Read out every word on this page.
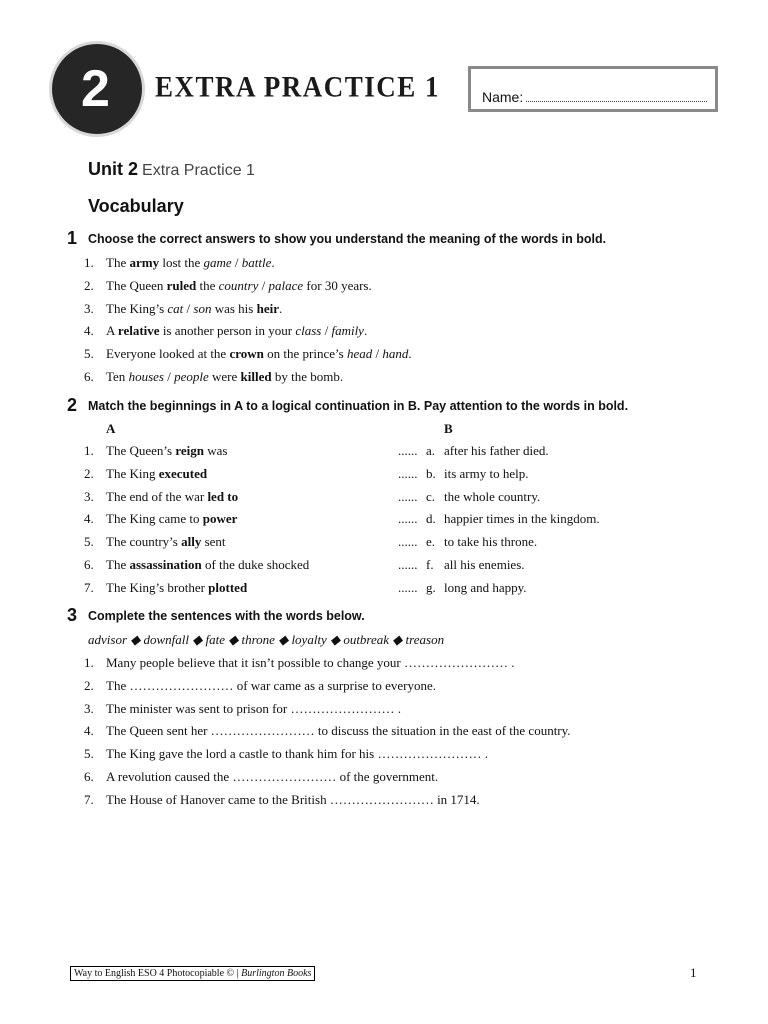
2 EXTRA PRACTICE 1	Name:
Unit 2 Extra Practice 1
Vocabulary
1 Choose the correct answers to show you understand the meaning of the words in bold.
1. The army lost the game / battle.
2. The Queen ruled the country / palace for 30 years.
3. The King’s cat / son was his heir.
4. A relative is another person in your class / family.
5. Everyone looked at the crown on the prince’s head / hand.
6. Ten houses / people were killed by the bomb.
2 Match the beginnings in A to a logical continuation in B. Pay attention to the words in bold.
A	B
1. The Queen’s reign was	...... a. after his father died.
2. The King executed	...... b. its army to help.
3. The end of the war led to	...... c. the whole country.
4. The King came to power	...... d. happier times in the kingdom.
5. The country’s ally sent	...... e. to take his throne.
6. The assassination of the duke shocked	...... f. all his enemies.
7. The King’s brother plotted	...... g. long and happy.
3 Complete the sentences with the words below.
advisor ◆ downfall ◆ fate ◆ throne ◆ loyalty ◆ outbreak ◆ treason
1. Many people believe that it isn’t possible to change your …………………… .
2. The …………………… of war came as a surprise to everyone.
3. The minister was sent to prison for …………………… .
4. The Queen sent her …………………… to discuss the situation in the east of the country.
5. The King gave the lord a castle to thank him for his …………………… .
6. A revolution caused the …………………… of the government.
7. The House of Hanover came to the British …………………… in 1714.
Way to English ESO 4 Photocopiable © | Burlington Books	1
